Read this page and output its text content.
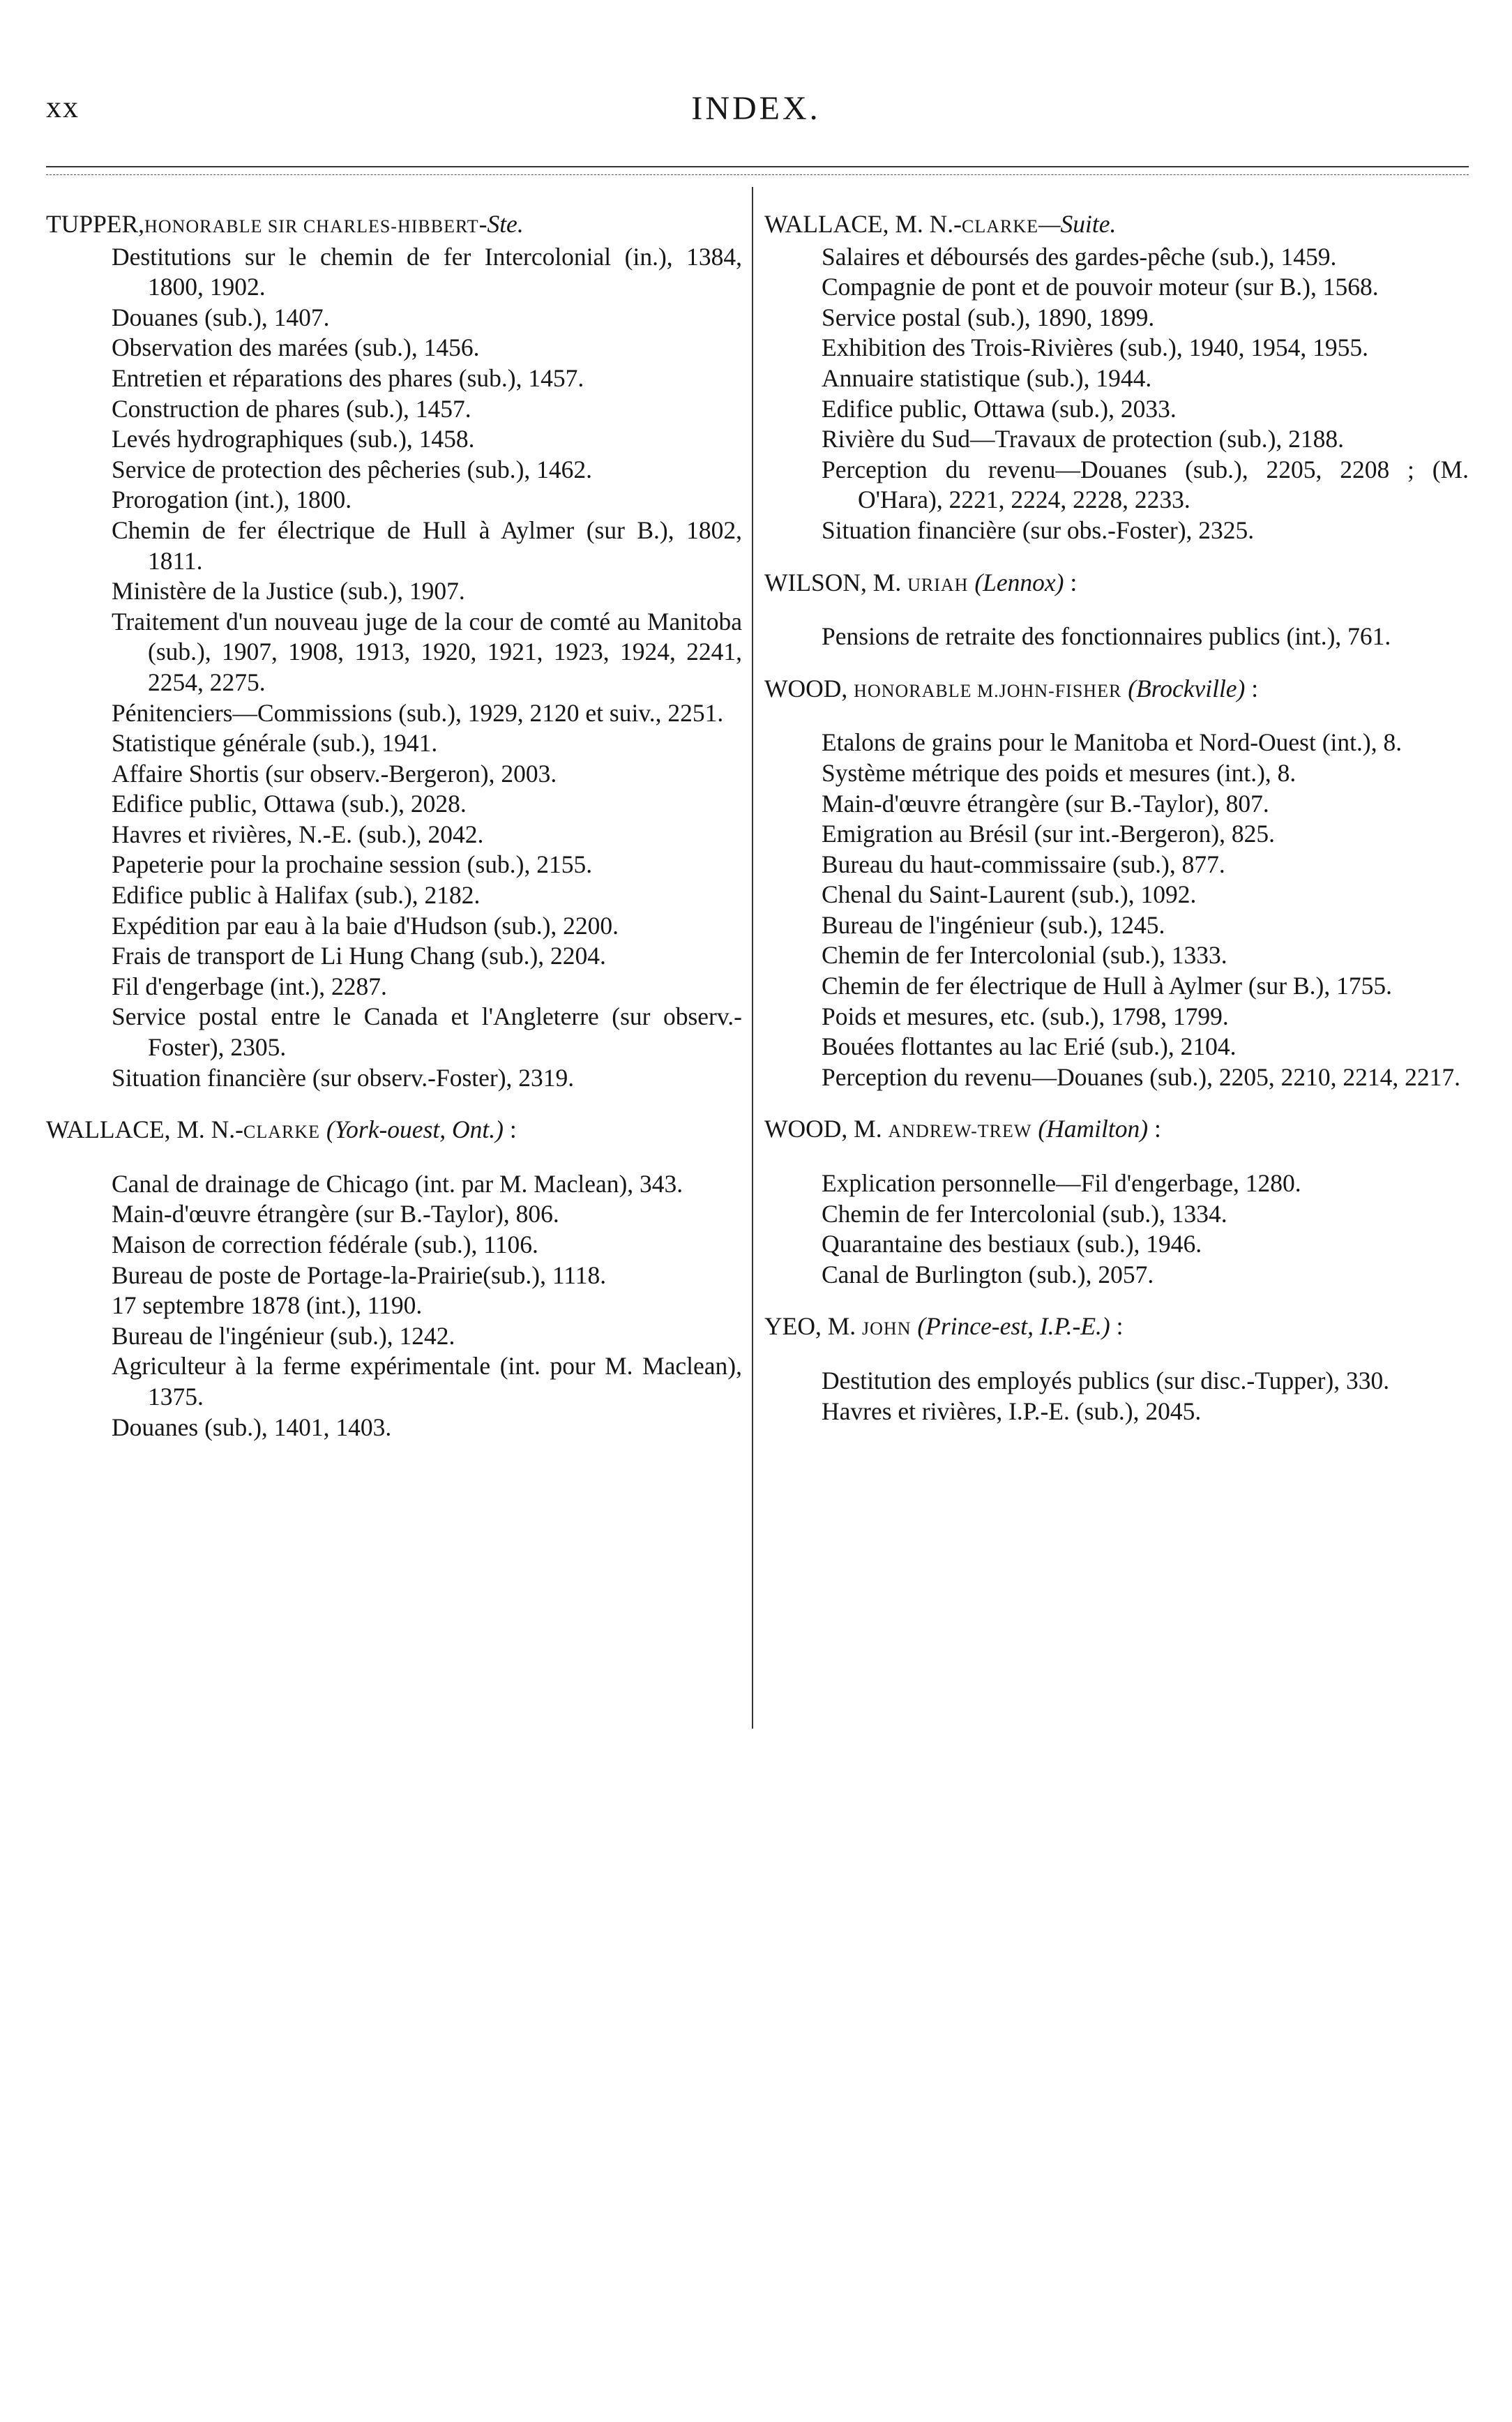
xx	INDEX.
TUPPER,HONORABLE SIR CHARLES-HIBBERT-Ste.
Destitutions sur le chemin de fer Intercolonial (in.), 1384, 1800, 1902.
Douanes (sub.), 1407.
Observation des marées (sub.), 1456.
Entretien et réparations des phares (sub.), 1457.
Construction de phares (sub.), 1457.
Levés hydrographiques (sub.), 1458.
Service de protection des pêcheries (sub.), 1462.
Prorogation (int.), 1800.
Chemin de fer électrique de Hull à Aylmer (sur B.), 1802, 1811.
Ministère de la Justice (sub.), 1907.
Traitement d'un nouveau juge de la cour de comté au Manitoba (sub.), 1907, 1908, 1913, 1920, 1921, 1923, 1924, 2241, 2254, 2275.
Pénitenciers—Commissions (sub.), 1929, 2120 et suiv., 2251.
Statistique générale (sub.), 1941.
Affaire Shortis (sur observ.-Bergeron), 2003.
Edifice public, Ottawa (sub.), 2028.
Havres et rivières, N.-E. (sub.), 2042.
Papeterie pour la prochaine session (sub.), 2155.
Edifice public à Halifax (sub.), 2182.
Expédition par eau à la baie d'Hudson (sub.), 2200.
Frais de transport de Li Hung Chang (sub.), 2204.
Fil d'engerbage (int.), 2287.
Service postal entre le Canada et l'Angleterre (sur observ.-Foster), 2305.
Situation financière (sur observ.-Foster), 2319.
WALLACE, M. N.-CLARKE (York-ouest, Ont.) :
Canal de drainage de Chicago (int. par M. Maclean), 343.
Main-d'œuvre étrangère (sur B.-Taylor), 806.
Maison de correction fédérale (sub.), 1106.
Bureau de poste de Portage-la-Prairie(sub.), 1118.
17 septembre 1878 (int.), 1190.
Bureau de l'ingénieur (sub.), 1242.
Agriculteur à la ferme expérimentale (int. pour M. Maclean), 1375.
Douanes (sub.), 1401, 1403.
WALLACE, M. N.-CLARKE—Suite.
Salaires et déboursés des gardes-pêche (sub.), 1459.
Compagnie de pont et de pouvoir moteur (sur B.), 1568.
Service postal (sub.), 1890, 1899.
Exhibition des Trois-Rivières (sub.), 1940, 1954, 1955.
Annuaire statistique (sub.), 1944.
Edifice public, Ottawa (sub.), 2033.
Rivière du Sud—Travaux de protection (sub.), 2188.
Perception du revenu—Douanes (sub.), 2205, 2208 ; (M. O'Hara), 2221, 2224, 2228, 2233.
Situation financière (sur obs.-Foster), 2325.
WILSON, M. URIAH (Lennox) :
Pensions de retraite des fonctionnaires publics (int.), 761.
WOOD, HONORABLE M.JOHN-FISHER (Brockville) :
Etalons de grains pour le Manitoba et Nord-Ouest (int.), 8.
Système métrique des poids et mesures (int.), 8.
Main-d'œuvre étrangère (sur B.-Taylor), 807.
Emigration au Brésil (sur int.-Bergeron), 825.
Bureau du haut-commissaire (sub.), 877.
Chenal du Saint-Laurent (sub.), 1092.
Bureau de l'ingénieur (sub.), 1245.
Chemin de fer Intercolonial (sub.), 1333.
Chemin de fer électrique de Hull à Aylmer (sur B.), 1755.
Poids et mesures, etc. (sub.), 1798, 1799.
Bouées flottantes au lac Erié (sub.), 2104.
Perception du revenu—Douanes (sub.), 2205, 2210, 2214, 2217.
WOOD, M. ANDREW-TREW (Hamilton) :
Explication personnelle—Fil d'engerbage, 1280.
Chemin de fer Intercolonial (sub.), 1334.
Quarantaine des bestiaux (sub.), 1946.
Canal de Burlington (sub.), 2057.
YEO, M. JOHN (Prince-est, I.P.-E.) :
Destitution des employés publics (sur disc.-Tupper), 330.
Havres et rivières, I.P.-E. (sub.), 2045.
